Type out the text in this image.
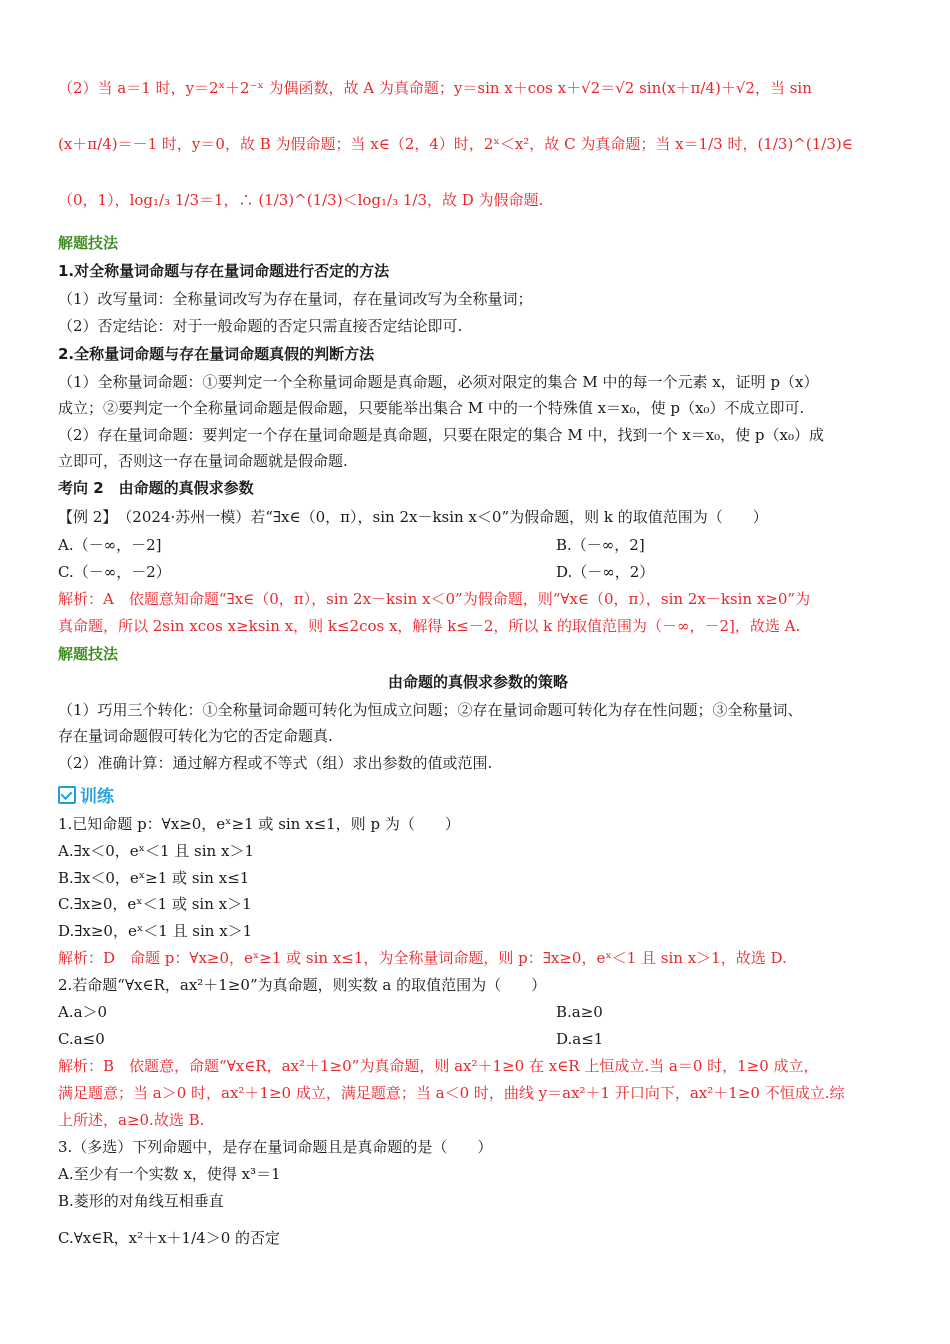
（2）当 a＝1 时，y＝2ˣ＋2⁻ˣ 为偶函数，故 A 为真命题；y＝sin x＋cos x＋√2＝√2 sin(x＋π/4)＋√2，当 sin
(x＋π/4)＝－1 时，y＝0，故 B 为假命题；当 x∈（2，4）时，2ˣ＜x²，故 C 为真命题；当 x＝1/3 时，(1/3)^(1/3)∈
（0，1），log₁/₃ 1/3＝1，∴ (1/3)^(1/3)＜log₁/₃ 1/3，故 D 为假命题.
解题技法
1.对全称量词命题与存在量词命题进行否定的方法
（1）改写量词：全称量词改写为存在量词，存在量词改写为全称量词；
（2）否定结论：对于一般命题的否定只需直接否定结论即可.
2.全称量词命题与存在量词命题真假的判断方法
（1）全称量词命题：①要判定一个全称量词命题是真命题，必须对限定的集合 M 中的每一个元素 x，证明 p（x）
成立；②要判定一个全称量词命题是假命题，只要能举出集合 M 中的一个特殊值 x＝x₀，使 p（x₀）不成立即可.
（2）存在量词命题：要判定一个存在量词命题是真命题，只要在限定的集合 M 中，找到一个 x＝x₀，使 p（x₀）成
立即可，否则这一存在量词命题就是假命题.
考向 2　由命题的真假求参数
【例 2】　（2024·苏州一模）若“∃x∈（0，π），sin 2x－ksin x＜0”为假命题，则 k 的取值范围为（　　）
A.（－∞，－2]	B.（－∞，2]
C.（－∞，－2）	D.（－∞，2）
解析：A　依题意知命题“∃x∈（0，π），sin 2x－ksin x＜0”为假命题，则“∀x∈（0，π），sin 2x－ksin x≥0”为
真命题，所以 2sin xcos x≥ksin x，则 k≤2cos x，解得 k≤－2，所以 k 的取值范围为（－∞，－2]，故选 A.
解题技法
由命题的真假求参数的策略
（1）巧用三个转化：①全称量词命题可转化为恒成立问题；②存在量词命题可转化为存在性问题；③全称量词、
存在量词命题假可转化为它的否定命题真.
（2）准确计算：通过解方程或不等式（组）求出参数的值或范围.
训练
1.已知命题 p：∀x≥0，eˣ≥1 或 sin x≤1，则 p 为（　　）
A.∃x＜0，eˣ＜1 且 sin x＞1
B.∃x＜0，eˣ≥1 或 sin x≤1
C.∃x≥0，eˣ＜1 或 sin x＞1
D.∃x≥0，eˣ＜1 且 sin x＞1
解析：D　命题 p：∀x≥0，eˣ≥1 或 sin x≤1，为全称量词命题，则 p：∃x≥0，eˣ＜1 且 sin x＞1，故选 D.
2.若命题“∀x∈R，ax²＋1≥0”为真命题，则实数 a 的取值范围为（　　）
A.a＞0	B.a≥0
C.a≤0	D.a≤1
解析：B　依题意，命题“∀x∈R，ax²＋1≥0”为真命题，则 ax²＋1≥0 在 x∈R 上恒成立.当 a＝0 时，1≥0 成立，
满足题意；当 a＞0 时，ax²＋1≥0 成立，满足题意；当 a＜0 时，曲线 y＝ax²＋1 开口向下，ax²＋1≥0 不恒成立.综
上所述，a≥0.故选 B.
3.（多选）下列命题中，是存在量词命题且是真命题的是（　　）
A.至少有一个实数 x，使得 x³＝1
B.菱形的对角线互相垂直
C.∀x∈R，x²＋x＋1/4＞0 的否定
